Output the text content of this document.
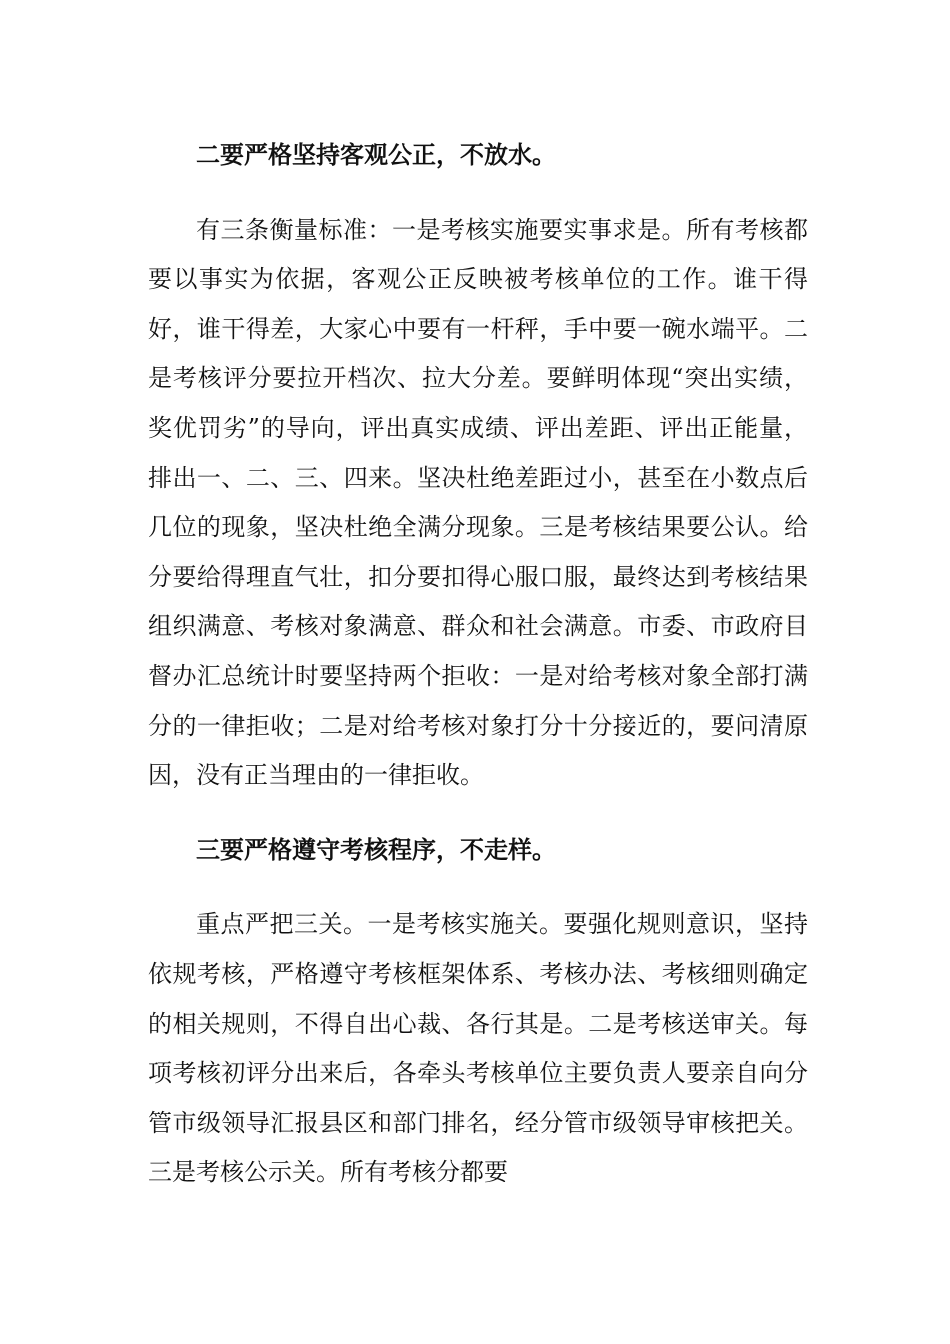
二要严格坚持客观公正，不放水。

有三条衡量标准：一是考核实施要实事求是。所有考核都要以事实为依据，客观公正反映被考核单位的工作。谁干得好，谁干得差，大家心中要有一杆秤，手中要一碗水端平。二是考核评分要拉开档次、拉大分差。要鲜明体现“突出实绩，奖优罚劣”的导向，评出真实成绩、评出差距、评出正能量，排出一、二、三、四来。坚决杜绝差距过小，甚至在小数点后几位的现象，坚决杜绝全满分现象。三是考核结果要公认。给分要给得理直气壮，扣分要扣得心服口服，最终达到考核结果组织满意、考核对象满意、群众和社会满意。市委、市政府目督办汇总统计时要坚持两个拒收：一是对给考核对象全部打满分的一律拒收；二是对给考核对象打分十分接近的，要问清原因，没有正当理由的一律拒收。

三要严格遵守考核程序，不走样。

重点严把三关。一是考核实施关。要强化规则意识，坚持依规考核，严格遵守考核框架体系、考核办法、考核细则确定的相关规则，不得自出心裁、各行其是。二是考核送审关。每项考核初评分出来后，各牵头考核单位主要负责人要亲自向分管市级领导汇报县区和部门排名，经分管市级领导审核把关。三是考核公示关。所有考核分都要
